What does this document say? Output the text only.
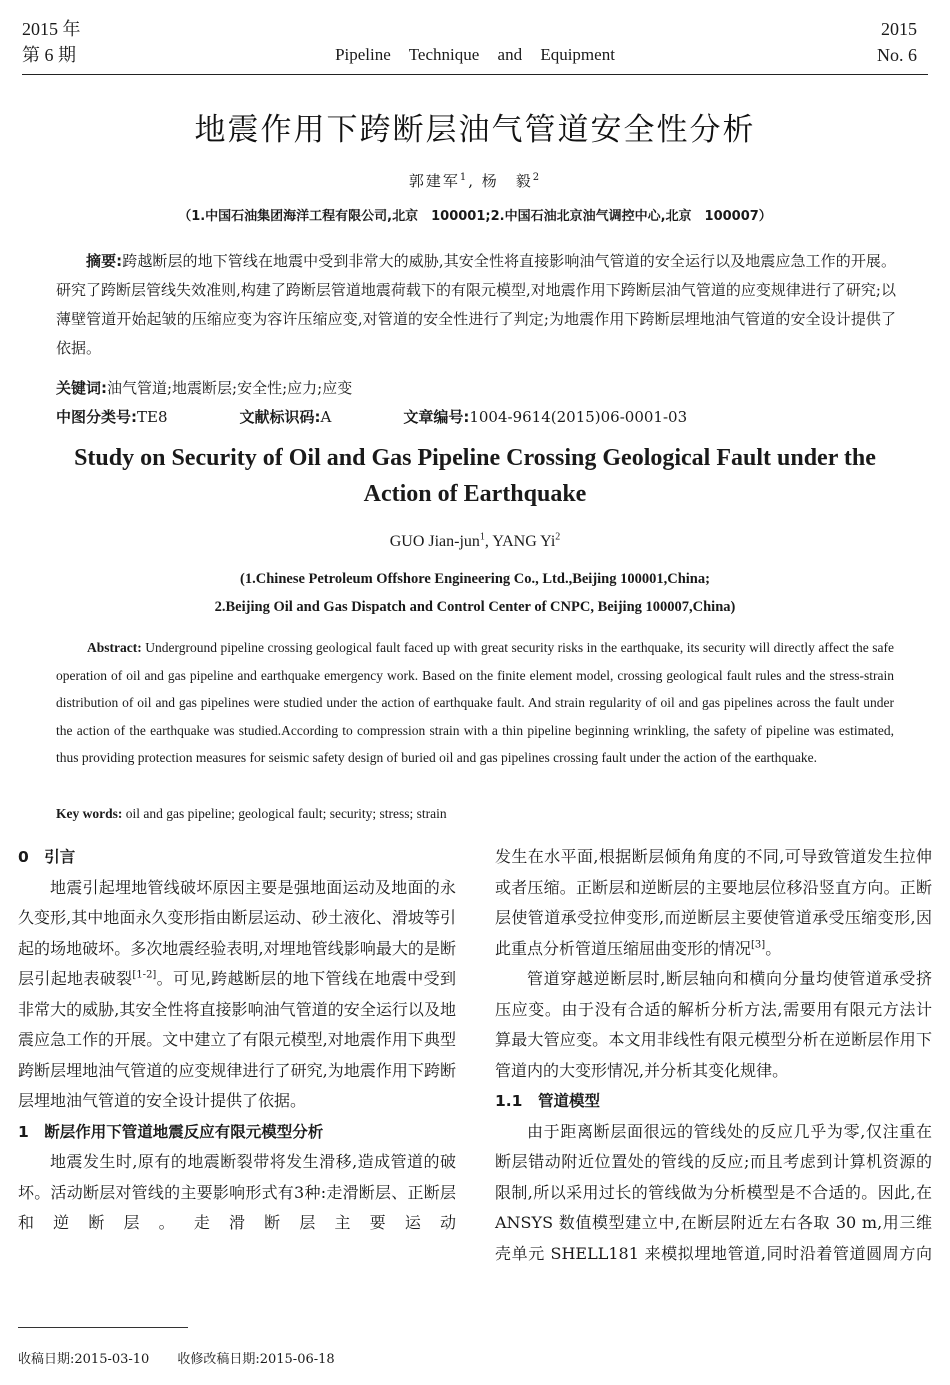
2015 年
第 6 期	Pipeline Technique and Equipment
2015
No. 6
地震作用下跨断层油气管道安全性分析
郭建军$^1$, 杨　毅$^2$
（1.中国石油集团海洋工程有限公司,北京　100001;2.中国石油北京油气调控中心,北京　100007）

摘要:跨越断层的地下管线在地震中受到非常大的威胁,其安全性将直接影响油气管道的安全运行以及地震应急工作的开展。研究了跨断层管线失效准则,构建了跨断层管道地震荷载下的有限元模型,对地震作用下跨断层油气管道的应变规律进行了研究;以薄壁管道开始起皱的压缩应变为容许压缩应变,对管道的安全性进行了判定;为地震作用下跨断层埋地油气管道的安全设计提供了依据。

关键词:油气管道;地震断层;安全性;应力;应变
中图分类号:TE8	文献标识码:A	文章编号:1004-9614(2015)06-0001-03
Study on Security of Oil and Gas Pipeline Crossing Geological Fault under the Action of Earthquake
GUO Jian-jun$^1$, YANG Yi$^2$
(1.Chinese Petroleum Offshore Engineering Co., Ltd.,Beijing 100001,China;
2.Beijing Oil and Gas Dispatch and Control Center of CNPC, Beijing 100007,China)

Abstract: Underground pipeline crossing geological fault faced up with great security risks in the earthquake, its security will directly affect the safe operation of oil and gas pipeline and earthquake emergency work. Based on the finite element model, crossing geological fault rules and the stress-strain distribution of oil and gas pipelines were studied under the action of earthquake fault. And strain regularity of oil and gas pipelines across the fault under the action of the earthquake was studied.According to compression strain with a thin pipeline beginning wrinkling, the safety of pipeline was estimated, thus providing protection measures for seismic safety design of buried oil and gas pipelines crossing fault under the action of the earthquake.

Key words: oil and gas pipeline; geological fault; security; stress; strain
0　引言

地震引起埋地管线破坏原因主要是强地面运动及地面的永久变形,其中地面永久变形指由断层运动、砂土液化、滑坡等引起的场地破坏。多次地震经验表明,对埋地管线影响最大的是断层引起地表破裂[1-2]。可见,跨越断层的地下管线在地震中受到非常大的威胁,其安全性将直接影响油气管道的安全运行以及地震应急工作的开展。文中建立了有限元模型,对地震作用下典型跨断层埋地油气管道的应变规律进行了研究,为地震作用下跨断层埋地油气管道的安全设计提供了依据。

1　断层作用下管道地震反应有限元模型分析

地震发生时,原有的地震断裂带将发生滑移,造成管道的破坏。活动断层对管线的主要影响形式有3种:走滑断层、正断层和逆断层。走滑断层主要运动

发生在水平面,根据断层倾角角度的不同,可导致管道发生拉伸或者压缩。正断层和逆断层的主要地层位移沿竖直方向。正断层使管道承受拉伸变形,而逆断层主要使管道承受压缩变形,因此重点分析管道压缩屈曲变形的情况[3]。

管道穿越逆断层时,断层轴向和横向分量均使管道承受挤压应变。由于没有合适的解析分析方法,需要用有限元方法计算最大管应变。本文用非线性有限元模型分析在逆断层作用下管道内的大变形情况,并分析其变化规律。

1.1　管道模型

由于距离断层面很远的管线处的反应几乎为零,仅注重在断层错动附近位置处的管线的反应;而且考虑到计算机资源的限制,所以采用过长的管线做为分析模型是不合适的。因此,在 ANSYS 数值模型建立中,在断层附近左右各取 30 m,用三维壳单元 SHELL181 来模拟埋地管道,同时沿着管道圆周方向

收稿日期:2015-03-10 收修改稿日期:2015-06-18
